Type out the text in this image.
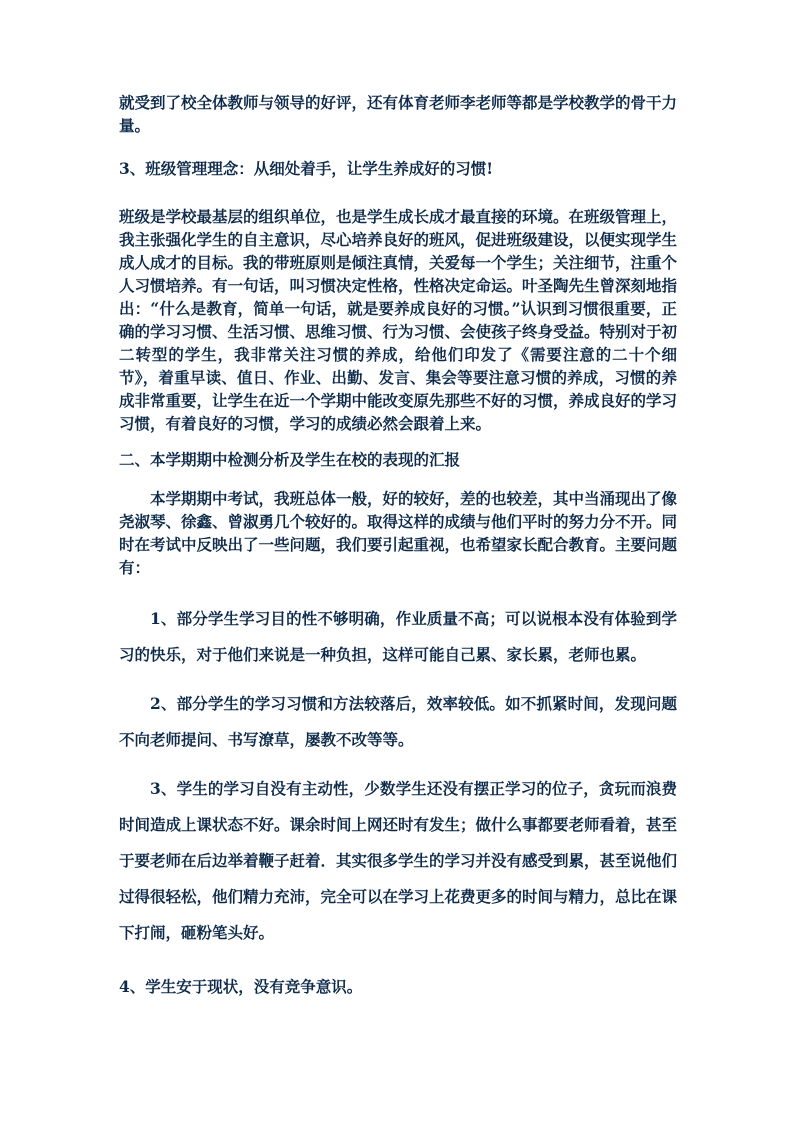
就受到了校全体教师与领导的好评，还有体育老师李老师等都是学校教学的骨干力量。

3、班级管理理念：从细处着手，让学生养成好的习惯!

班级是学校最基层的组织单位，也是学生成长成才最直接的环境。在班级管理上，我主张强化学生的自主意识，尽心培养良好的班风，促进班级建设，以便实现学生成人成才的目标。我的带班原则是倾注真情，关爱每一个学生；关注细节，注重个人习惯培养。有一句话，叫习惯决定性格，性格决定命运。叶圣陶先生曾深刻地指出：“什么是教育，简单一句话，就是要养成良好的习惯。”认识到习惯很重要，正确的学习习惯、生活习惯、思维习惯、行为习惯、会使孩子终身受益。特别对于初二转型的学生，我非常关注习惯的养成，给他们印发了《需要注意的二十个细节》，着重早读、值日、作业、出勤、发言、集会等要注意习惯的养成，习惯的养成非常重要，让学生在近一个学期中能改变原先那些不好的习惯，养成良好的学习习惯，有着良好的习惯，学习的成绩必然会跟着上来。

二、本学期期中检测分析及学生在校的表现的汇报

本学期期中考试，我班总体一般，好的较好，差的也较差，其中当涌现出了像尧淑琴、徐鑫、曾淑勇几个较好的。取得这样的成绩与他们平时的努力分不开。同时在考试中反映出了一些问题，我们要引起重视，也希望家长配合教育。主要问题有：

1、部分学生学习目的性不够明确，作业质量不高；可以说根本没有体验到学习的快乐，对于他们来说是一种负担，这样可能自己累、家长累，老师也累。

2、部分学生的学习习惯和方法较落后，效率较低。如不抓紧时间，发现问题不向老师提问、书写潦草，屡教不改等等。

3、学生的学习自没有主动性，少数学生还没有摆正学习的位子，贪玩而浪费时间造成上课状态不好。课余时间上网还时有发生；做什么事都要老师看着，甚至于要老师在后边举着鞭子赶着．其实很多学生的学习并没有感受到累，甚至说他们过得很轻松，他们精力充沛，完全可以在学习上花费更多的时间与精力，总比在课下打闹，砸粉笔头好。

4、学生安于现状，没有竞争意识。
